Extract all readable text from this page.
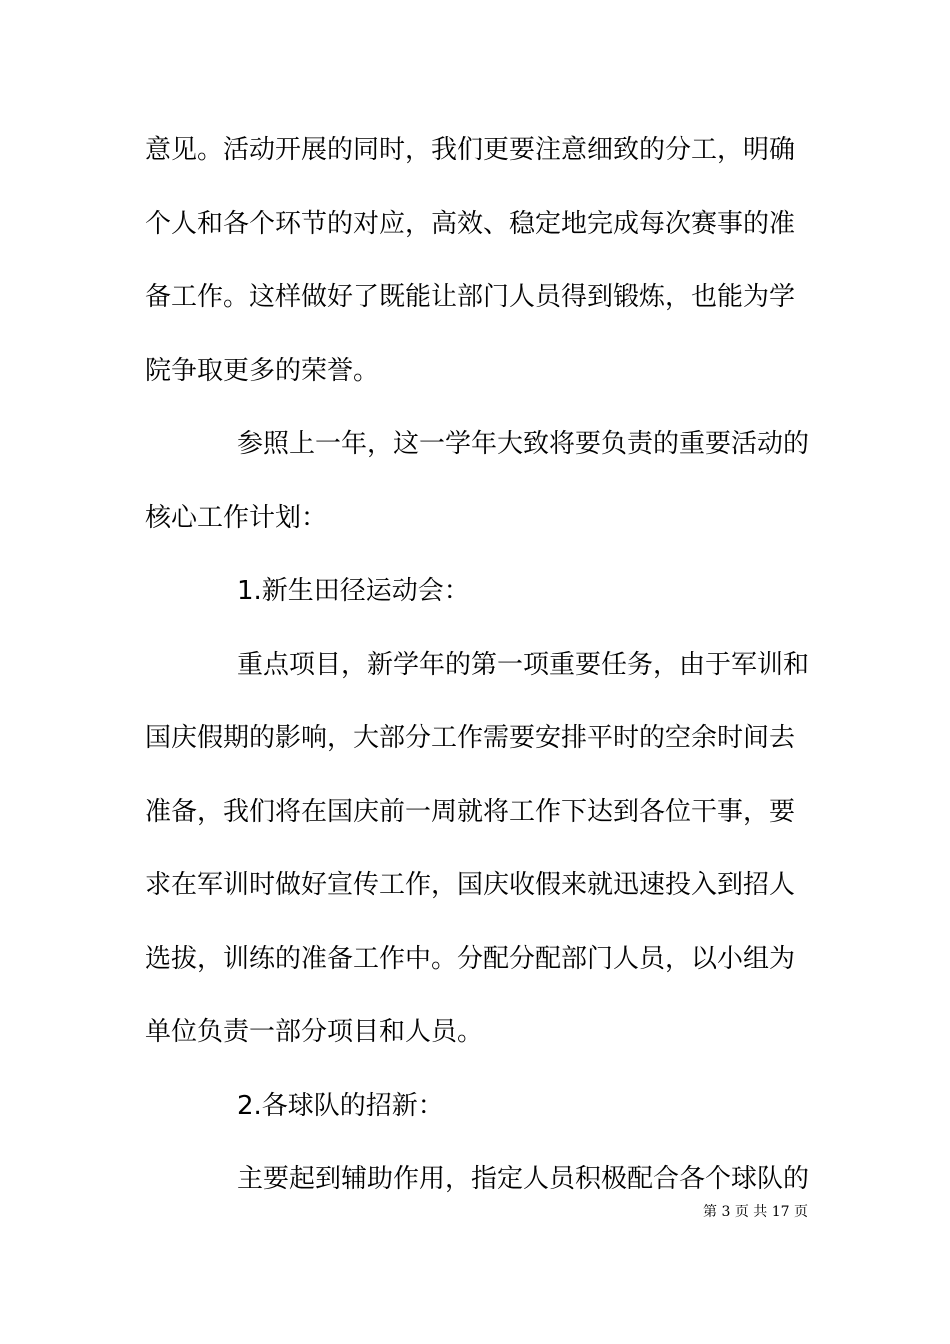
意见。活动开展的同时，我们更要注意细致的分工，明确
个人和各个环节的对应，高效、稳定地完成每次赛事的准
备工作。这样做好了既能让部门人员得到锻炼，也能为学
院争取更多的荣誉。
参照上一年，这一学年大致将要负责的重要活动的
核心工作计划：
1.新生田径运动会：
重点项目，新学年的第一项重要任务，由于军训和
国庆假期的影响，大部分工作需要安排平时的空余时间去
准备，我们将在国庆前一周就将工作下达到各位干事，要
求在军训时做好宣传工作，国庆收假来就迅速投入到招人
选拔，训练的准备工作中。分配分配部门人员，以小组为
单位负责一部分项目和人员。
2.各球队的招新：
主要起到辅助作用，指定人员积极配合各个球队的
第 3 页 共 17 页
